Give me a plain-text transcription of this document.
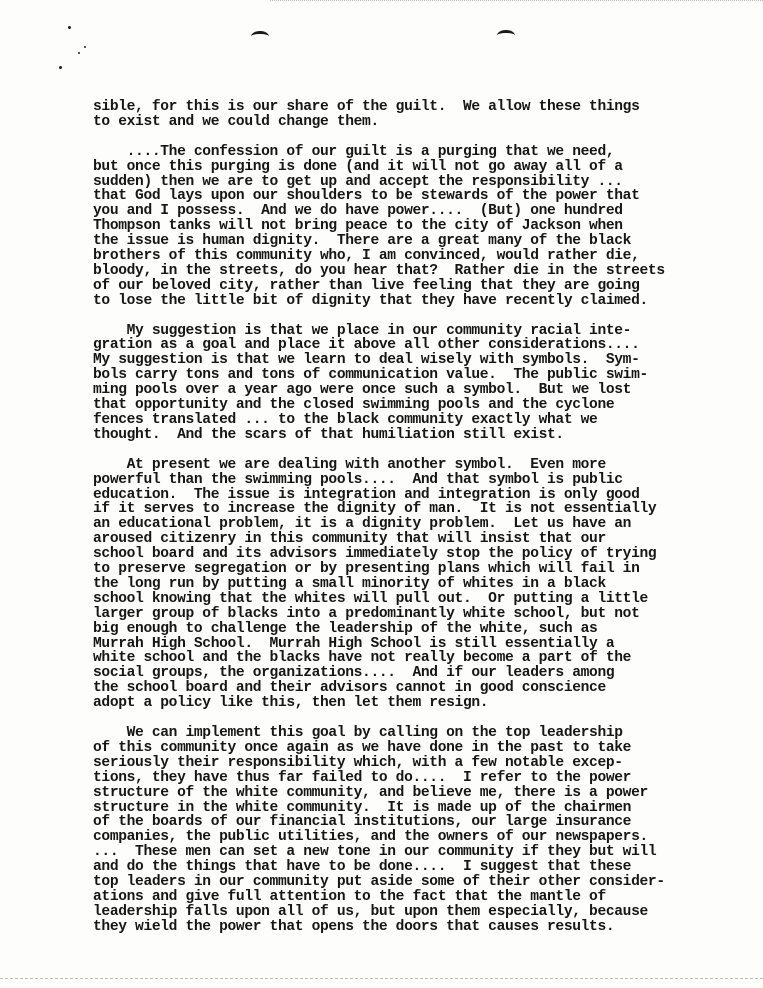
sible, for this is our share of the guilt.  We allow these things
to exist and we could change them.
....The confession of our guilt is a purging that we need,
but once this purging is done (and it will not go away all of a
sudden) then we are to get up and accept the responsibility ...
that God lays upon our shoulders to be stewards of the power that
you and I possess.  And we do have power....  (But) one hundred
Thompson tanks will not bring peace to the city of Jackson when
the issue is human dignity.  There are a great many of the black
brothers of this community who, I am convinced, would rather die,
bloody, in the streets, do you hear that?  Rather die in the streets
of our beloved city, rather than live feeling that they are going
to lose the little bit of dignity that they have recently claimed.
My suggestion is that we place in our community racial inte-
gration as a goal and place it above all other considerations....
My suggestion is that we learn to deal wisely with symbols.  Sym-
bols carry tons and tons of communication value.  The public swim-
ming pools over a year ago were once such a symbol.  But we lost
that opportunity and the closed swimming pools and the cyclone
fences translated ... to the black community exactly what we
thought.  And the scars of that humiliation still exist.
At present we are dealing with another symbol.  Even more
powerful than the swimming pools....  And that symbol is public
education.  The issue is integration and integration is only good
if it serves to increase the dignity of man.  It is not essentially
an educational problem, it is a dignity problem.  Let us have an
aroused citizenry in this community that will insist that our
school board and its advisors immediately stop the policy of trying
to preserve segregation or by presenting plans which will fail in
the long run by putting a small minority of whites in a black
school knowing that the whites will pull out.  Or putting a little
larger group of blacks into a predominantly white school, but not
big enough to challenge the leadership of the white, such as
Murrah High School.  Murrah High School is still essentially a
white school and the blacks have not really become a part of the
social groups, the organizations....  And if our leaders among
the school board and their advisors cannot in good conscience
adopt a policy like this, then let them resign.
We can implement this goal by calling on the top leadership
of this community once again as we have done in the past to take
seriously their responsibility which, with a few notable excep-
tions, they have thus far failed to do....  I refer to the power
structure of the white community, and believe me, there is a power
structure in the white community.  It is made up of the chairmen
of the boards of our financial institutions, our large insurance
companies, the public utilities, and the owners of our newspapers.
...  These men can set a new tone in our community if they but will
and do the things that have to be done....  I suggest that these
top leaders in our community put aside some of their other consider-
ations and give full attention to the fact that the mantle of
leadership falls upon all of us, but upon them especially, because
they wield the power that opens the doors that causes results.
